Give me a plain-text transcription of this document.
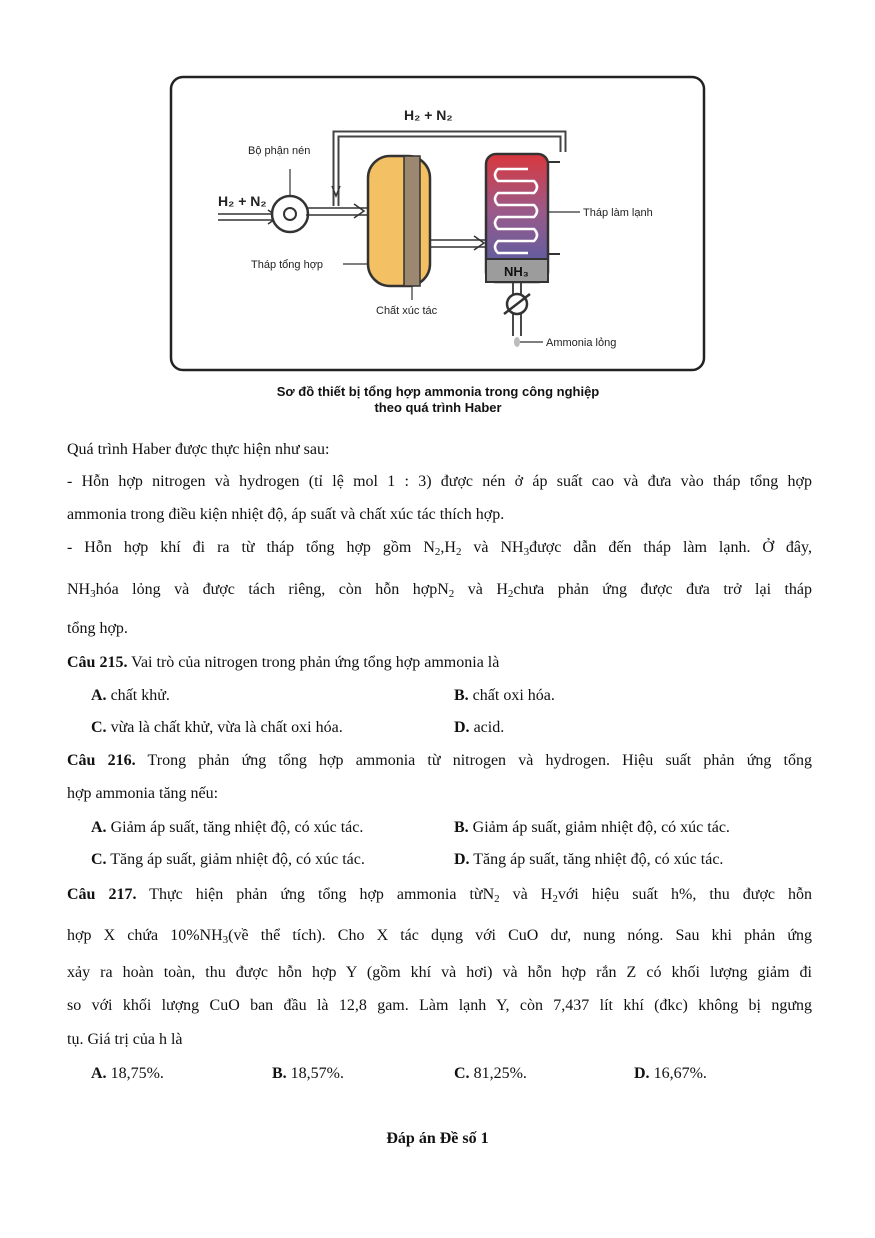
H₂ + N₂
H₂ + N₂
Bộ phận nén
Tháp làm lạnh
Tháp tổng hợp	NH₃
Chất xúc tác
Ammonia lỏng
Sơ đồ thiết bị tổng hợp ammonia trong công nghiệp
theo quá trình Haber
Quá trình Haber được thực hiện như sau:
- Hỗn hợp nitrogen và hydrogen (tỉ lệ mol 1 : 3) được nén ở áp suất cao và đưa vào tháp tổng hợp
ammonia trong điều kiện nhiệt độ, áp suất và chất xúc tác thích hợp.
- Hỗn hợp khí đi ra từ tháp tổng hợp gồm $N_2,H_2$ và $NH_3được$ dẫn đến tháp làm lạnh. Ở đây,
$NH_3hóa$ lỏng và được tách riêng, còn hỗn hợpN$_2$ và $H_2chưa$ phản ứng được đưa trở lại tháp
tổng hợp.
Câu 215. Vai trò của nitrogen trong phản ứng tổng hợp ammonia là
A. chất khử.	B. chất oxi hóa.
C. vừa là chất khử, vừa là chất oxi hóa.	D. acid.
Câu 216. Trong phản ứng tổng hợp ammonia từ nitrogen và hydrogen. Hiệu suất phản ứng tổng
hợp ammonia tăng nếu:
A. Giảm áp suất, tăng nhiệt độ, có xúc tác.	B. Giảm áp suất, giảm nhiệt độ, có xúc tác.
C. Tăng áp suất, giảm nhiệt độ, có xúc tác.	D. Tăng áp suất, tăng nhiệt độ, có xúc tác.
Câu 217. Thực hiện phản ứng tổng hợp ammonia từN$_2$ và $H_2với$ hiệu suất h%, thu được hỗn
hợp X chứa $10\%NH_3(về$ thể tích). Cho X tác dụng với CuO dư, nung nóng. Sau khi phản ứng
xảy ra hoàn toàn, thu được hỗn hợp Y (gồm khí và hơi) và hỗn hợp rắn Z có khối lượng giảm đi
so với khối lượng CuO ban đầu là 12,8 gam. Làm lạnh Y, còn 7,437 lít khí (đkc) không bị ngưng
tụ. Giá trị của h là
A. 18,75%.	B. 18,57%.	C. 81,25%.	D. 16,67%.
Đáp án Đề số 1
